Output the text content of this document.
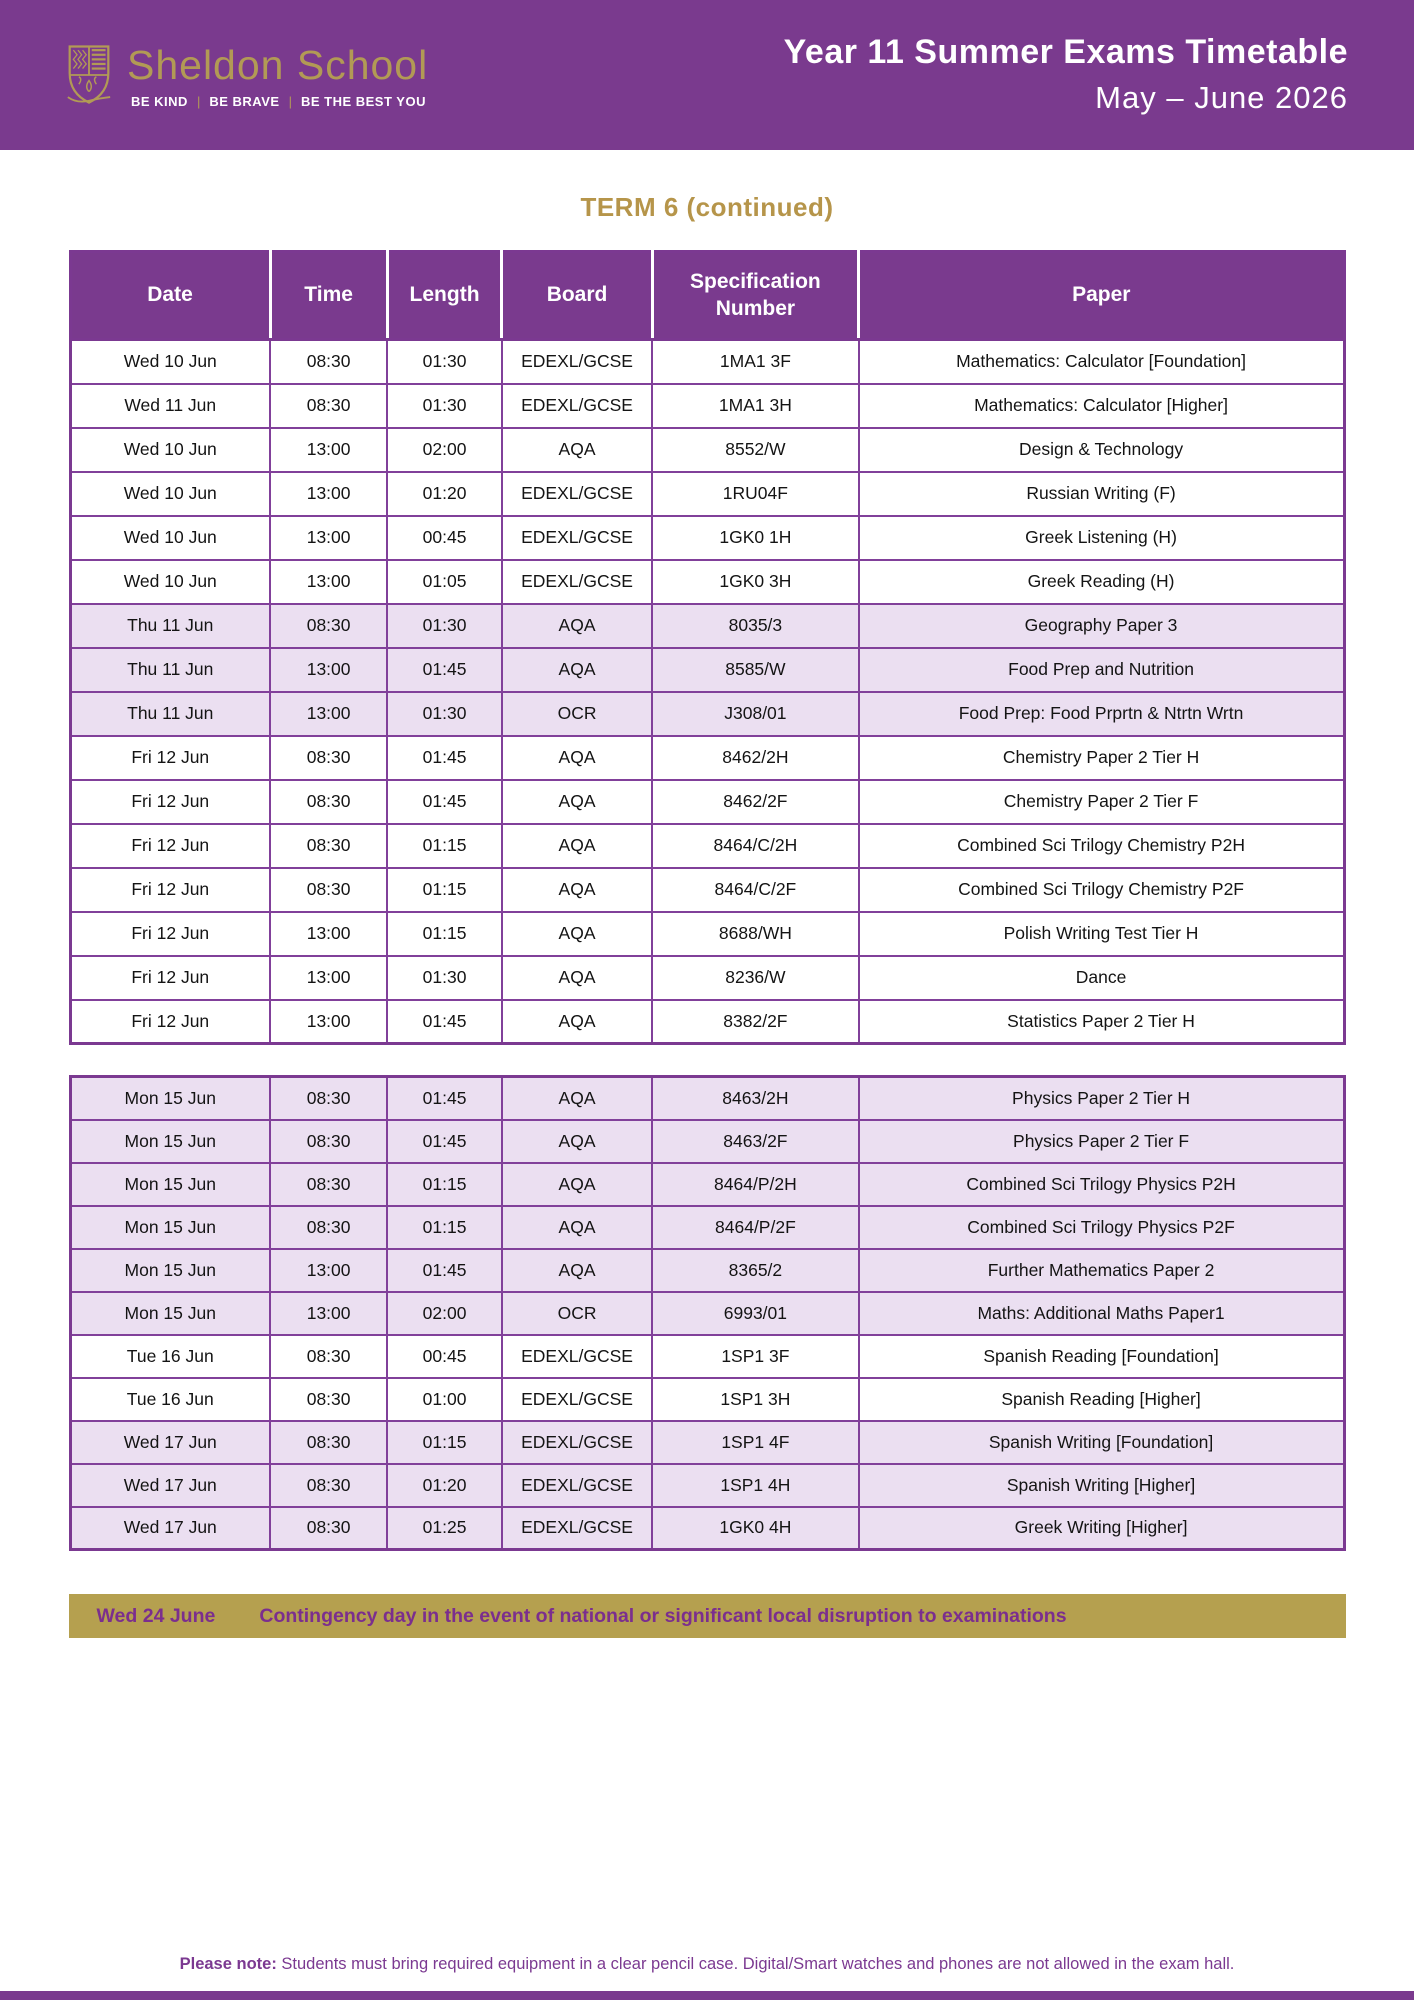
Sheldon School
BE KIND | BE BRAVE | BE THE BEST YOU
Year 11 Summer Exams Timetable
May – June 2026
TERM 6 (continued)
Date	Time	Length	Board	Specification Number	Paper
Wed 10 Jun	08:30	01:30	EDEXL/GCSE	1MA1 3F	Mathematics: Calculator [Foundation]
Wed 11 Jun	08:30	01:30	EDEXL/GCSE	1MA1 3H	Mathematics: Calculator [Higher]
Wed 10 Jun	13:00	02:00	AQA	8552/W	Design & Technology
Wed 10 Jun	13:00	01:20	EDEXL/GCSE	1RU04F	Russian Writing (F)
Wed 10 Jun	13:00	00:45	EDEXL/GCSE	1GK0 1H	Greek Listening (H)
Wed 10 Jun	13:00	01:05	EDEXL/GCSE	1GK0 3H	Greek Reading (H)
Thu 11 Jun	08:30	01:30	AQA	8035/3	Geography Paper 3
Thu 11 Jun	13:00	01:45	AQA	8585/W	Food Prep and Nutrition
Thu 11 Jun	13:00	01:30	OCR	J308/01	Food Prep: Food Prprtn & Ntrtn Wrtn
Fri 12 Jun	08:30	01:45	AQA	8462/2H	Chemistry Paper 2 Tier H
Fri 12 Jun	08:30	01:45	AQA	8462/2F	Chemistry Paper 2 Tier F
Fri 12 Jun	08:30	01:15	AQA	8464/C/2H	Combined Sci Trilogy Chemistry P2H
Fri 12 Jun	08:30	01:15	AQA	8464/C/2F	Combined Sci Trilogy Chemistry P2F
Fri 12 Jun	13:00	01:15	AQA	8688/WH	Polish Writing Test Tier H
Fri 12 Jun	13:00	01:30	AQA	8236/W	Dance
Fri 12 Jun	13:00	01:45	AQA	8382/2F	Statistics Paper 2 Tier H
Mon 15 Jun	08:30	01:45	AQA	8463/2H	Physics Paper 2 Tier H
Mon 15 Jun	08:30	01:45	AQA	8463/2F	Physics Paper 2 Tier F
Mon 15 Jun	08:30	01:15	AQA	8464/P/2H	Combined Sci Trilogy Physics P2H
Mon 15 Jun	08:30	01:15	AQA	8464/P/2F	Combined Sci Trilogy Physics P2F
Mon 15 Jun	13:00	01:45	AQA	8365/2	Further Mathematics Paper 2
Mon 15 Jun	13:00	02:00	OCR	6993/01	Maths: Additional Maths Paper1
Tue 16 Jun	08:30	00:45	EDEXL/GCSE	1SP1 3F	Spanish Reading [Foundation]
Tue 16 Jun	08:30	01:00	EDEXL/GCSE	1SP1 3H	Spanish Reading [Higher]
Wed 17 Jun	08:30	01:15	EDEXL/GCSE	1SP1 4F	Spanish Writing [Foundation]
Wed 17 Jun	08:30	01:20	EDEXL/GCSE	1SP1 4H	Spanish Writing [Higher]
Wed 17 Jun	08:30	01:25	EDEXL/GCSE	1GK0 4H	Greek Writing [Higher]
Wed 24 June Contingency day in the event of national or significant local disruption to examinations
Please note: Students must bring required equipment in a clear pencil case. Digital/Smart watches and phones are not allowed in the exam hall.
